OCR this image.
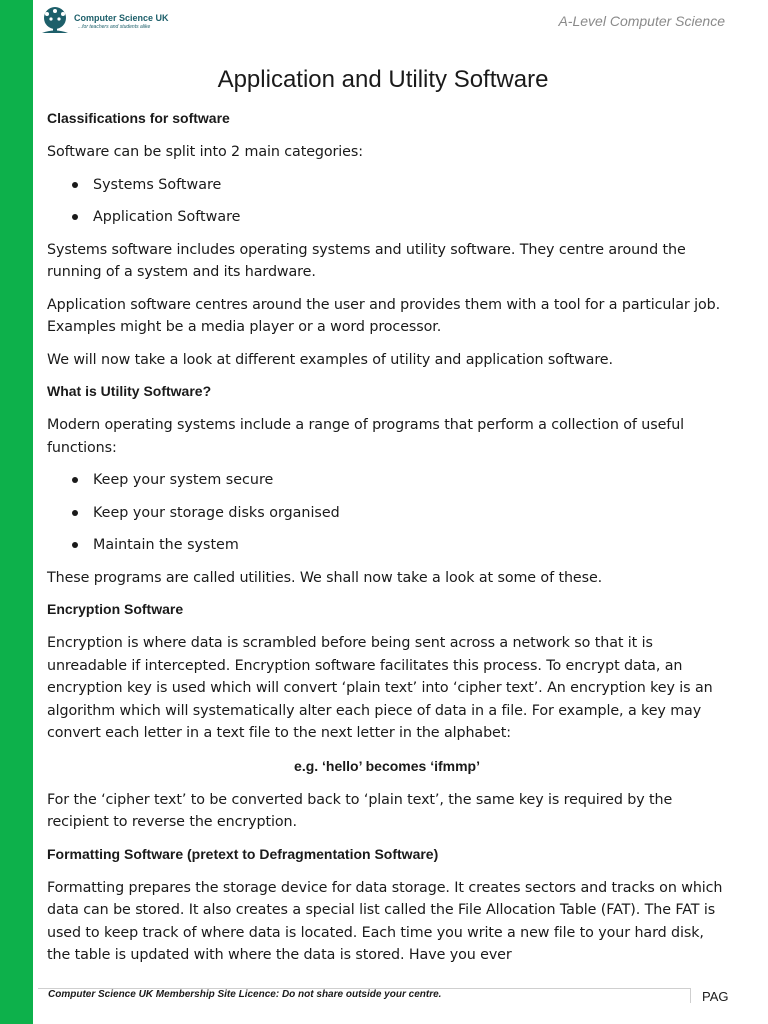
Computer Science UK
...for teachers and students alike	A-Level Computer Science
Application and Utility Software
Classifications for software
Software can be split into 2 main categories:
Systems Software
Application Software
Systems software includes operating systems and utility software. They centre around the running of a system and its hardware.
Application software centres around the user and provides them with a tool for a particular job. Examples might be a media player or a word processor.
We will now take a look at different examples of utility and application software.
What is Utility Software?
Modern operating systems include a range of programs that perform a collection of useful functions:
Keep your system secure
Keep your storage disks organised
Maintain the system
These programs are called utilities. We shall now take a look at some of these.
Encryption Software
Encryption is where data is scrambled before being sent across a network so that it is unreadable if intercepted. Encryption software facilitates this process. To encrypt data, an encryption key is used which will convert ‘plain text’ into ‘cipher text’. An encryption key is an algorithm which will systematically alter each piece of data in a file. For example, a key may convert each letter in a text file to the next letter in the alphabet:
e.g. ‘hello’ becomes ‘ifmmp’
For the ‘cipher text’ to be converted back to ‘plain text’, the same key is required by the recipient to reverse the encryption.
Formatting Software (pretext to Defragmentation Software)
Formatting prepares the storage device for data storage. It creates sectors and tracks on which data can be stored. It also creates a special list called the File Allocation Table (FAT). The FAT is used to keep track of where data is located. Each time you write a new file to your hard disk, the table is updated with where the data is stored. Have you ever
Computer Science UK Membership Site Licence: Do not share outside your centre.	PAG
